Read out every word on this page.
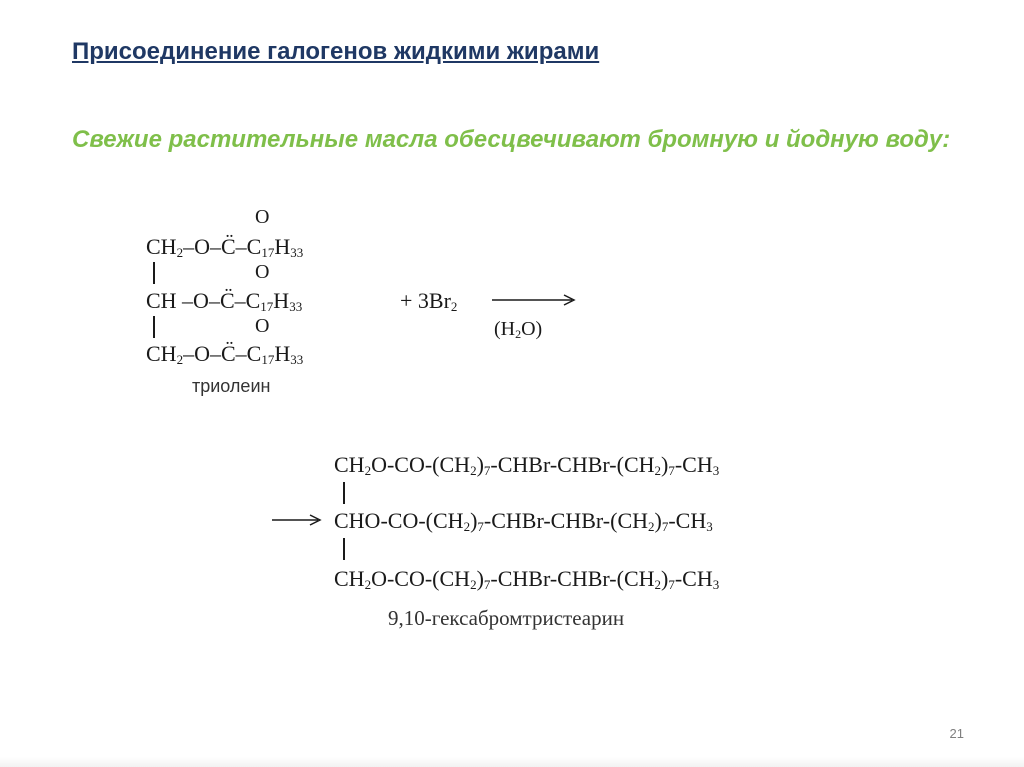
Присоединение галогенов жидкими жирами
Свежие растительные масла обесцвечивают бромную и йодную воду:
O
$CH_2-O-C̈-C_{17}H_{33}$
O
CH $-O-C̈-C_{17}H_{33}$
O
$CH_2-O-C̈-C_{17}H_{33}$
триолеин
+ $3Br_2$
$(H_2O)$
$CH_2O-CO-(CH_2)_7-CHBr-CHBr-(CH_2)_7-CH_3$
CHO-$CO-(CH_2)_7-CHBr-CHBr-(CH_2)_7-CH_3$
$CH_2O-CO-(CH_2)_7-CHBr-CHBr-(CH_2)_7-CH_3$
9,10-гексабромтристеарин
21
